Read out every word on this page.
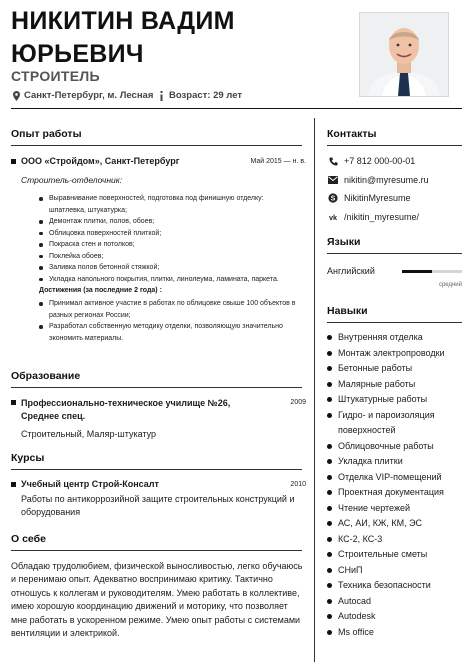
НИКИТИН ВАДИМ
ЮРЬЕВИЧ
СТРОИТЕЛЬ
Санкт-Петербург, м. Лесная Возраст: 29 лет
Опыт работы
ООО «Стройдом», Санкт-Петербург	Май 2015 — н. в.
Строитель-отделочник:
Выравнивание поверхностей, подготовка под финишную отделку: шпатлевка, штукатурка;
Демонтаж плитки, полов, обоев;
Облицовка поверхностей плиткой;
Покраска стен и потолков;
Поклейка обоев;
Заливка полов бетонной стяжкой;
Укладка напольного покрытия, плитки, линолеума, ламината, паркета.
Достижения (за последние 2 года) :
Принимал активное участие в работах по облицовке свыше 100 объектов в разных регионах России;
Разработал собственную методику отделки, позволяющую значительно экономить материалы.
Образование
Профессионально-техническое училище №26, Среднее спец.
2009
Строительный, Маляр-штукатур
Курсы
Учебный центр Строй-Консалт	2010
Работы по антикоррозийной защите строительных конструкций и оборудования
О себе
Обладаю трудолюбием, физической выносливостью, легко обучаюсь и перенимаю опыт. Адекватно воспринимаю критику. Тактично отношусь к коллегам и руководителям. Умею работать в коллективе, имею хорошую координацию движений и моторику, что позволяет мне работать в ускоренном режиме. Умею опыт работы с системами вентиляции и электрикой.
Контакты
+7 812 000-00-01
nikitin@myresume.ru
S NikitinMyresume
vk /nikitin_myresume/
Языки
Английский
средний
Навыки
Внутренняя отделка
Монтаж электропроводки
Бетонные работы
Малярные работы
Штукатурные работы
Гидро- и пароизоляция поверхностей
Облицовочные работы
Укладка плитки
Отделка VIP-помещений
Проектная документация
Чтение чертежей
АС, АИ, КЖ, КМ, ЭС
КС-2, КС-3
Строительные сметы
СНиП
Техника безопасности
Autocad
Autodesk
Ms office
